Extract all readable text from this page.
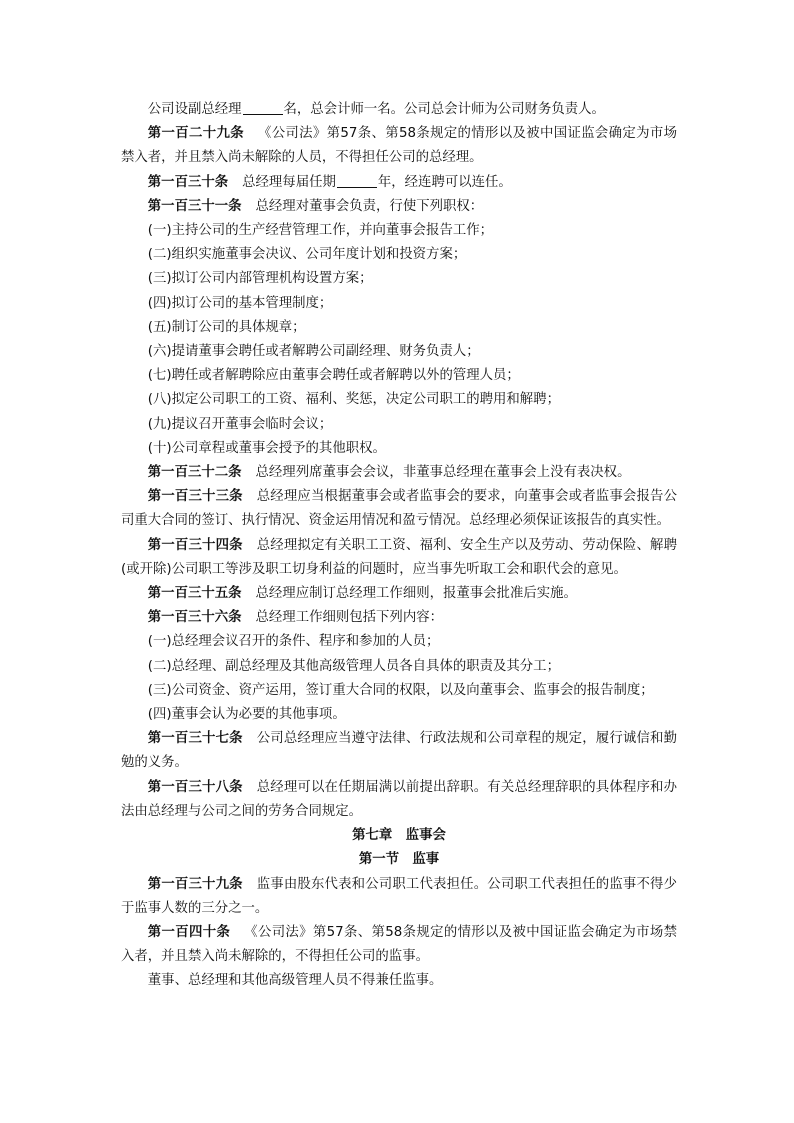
公司设副总经理	名，总会计师一名。公司总会计师为公司财务负责人。

第一百二十九条 《公司法》第57条、第58条规定的情形以及被中国证监会确定为市场禁入者，并且禁入尚未解除的人员，不得担任公司的总经理。

第一百三十条 总经理每届任期	年，经连聘可以连任。

第一百三十一条 总经理对董事会负责，行使下列职权：

(一)主持公司的生产经营管理工作，并向董事会报告工作；

(二)组织实施董事会决议、公司年度计划和投资方案；

(三)拟订公司内部管理机构设置方案；

(四)拟订公司的基本管理制度；

(五)制订公司的具体规章；

(六)提请董事会聘任或者解聘公司副经理、财务负责人；

(七)聘任或者解聘除应由董事会聘任或者解聘以外的管理人员；

(八)拟定公司职工的工资、福利、奖惩，决定公司职工的聘用和解聘；

(九)提议召开董事会临时会议；

(十)公司章程或董事会授予的其他职权。

第一百三十二条 总经理列席董事会会议，非董事总经理在董事会上没有表决权。

第一百三十三条 总经理应当根据董事会或者监事会的要求，向董事会或者监事会报告公司重大合同的签订、执行情况、资金运用情况和盈亏情况。总经理必须保证该报告的真实性。

第一百三十四条 总经理拟定有关职工工资、福利、安全生产以及劳动、劳动保险、解聘(或开除)公司职工等涉及职工切身利益的问题时，应当事先听取工会和职代会的意见。

第一百三十五条 总经理应制订总经理工作细则，报董事会批准后实施。

第一百三十六条 总经理工作细则包括下列内容：

(一)总经理会议召开的条件、程序和参加的人员；

(二)总经理、副总经理及其他高级管理人员各自具体的职责及其分工；

(三)公司资金、资产运用，签订重大合同的权限，以及向董事会、监事会的报告制度；

(四)董事会认为必要的其他事项。

第一百三十七条 公司总经理应当遵守法律、行政法规和公司章程的规定，履行诚信和勤勉的义务。

第一百三十八条 总经理可以在任期届满以前提出辞职。有关总经理辞职的具体程序和办法由总经理与公司之间的劳务合同规定。

第七章　监事会

第一节　监事

第一百三十九条 监事由股东代表和公司职工代表担任。公司职工代表担任的监事不得少于监事人数的三分之一。

第一百四十条 《公司法》第57条、第58条规定的情形以及被中国证监会确定为市场禁入者，并且禁入尚未解除的，不得担任公司的监事。

董事、总经理和其他高级管理人员不得兼任监事。
